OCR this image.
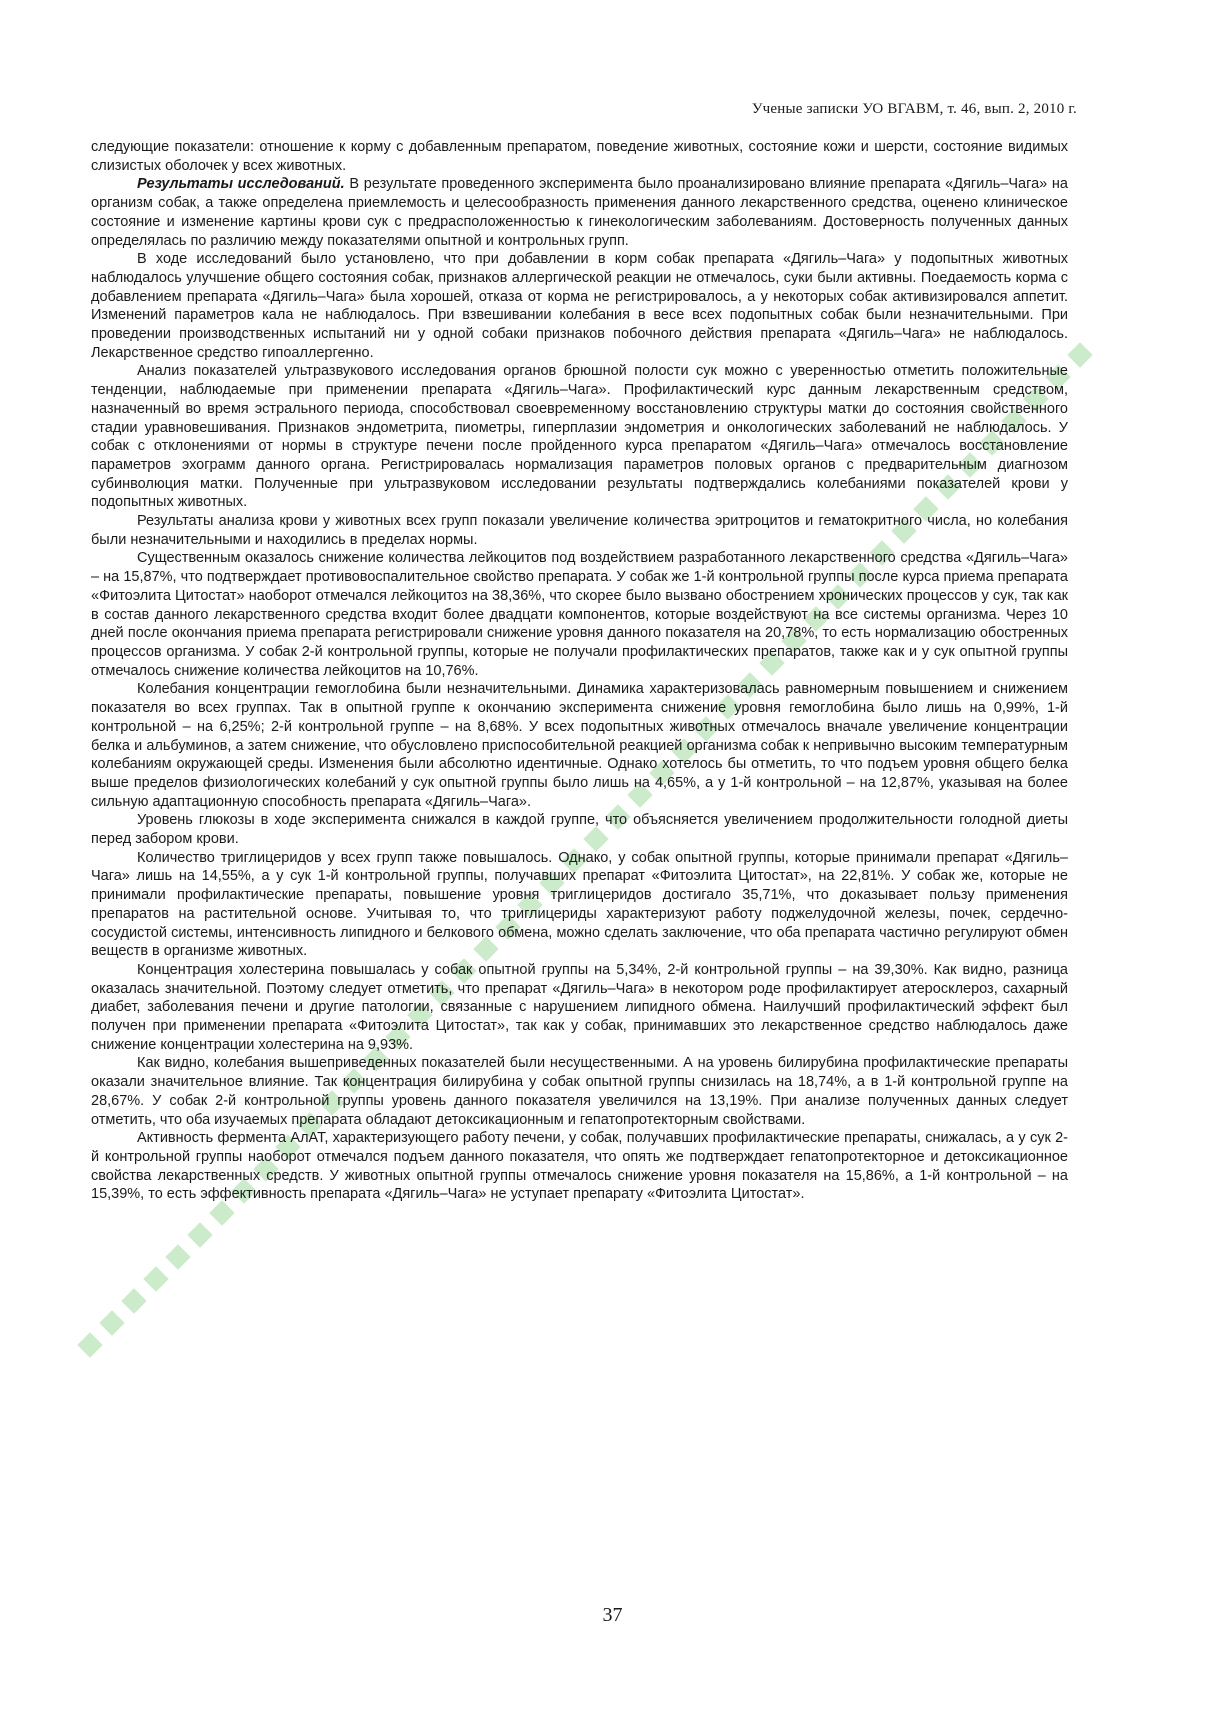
Ученые записки УО ВГАВМ, т. 46, вып. 2, 2010 г.

следующие показатели: отношение к корму с добавленным препаратом, поведение животных, состояние кожи и шерсти, состояние видимых слизистых оболочек у всех животных.

Результаты исследований. В результате проведенного эксперимента было проанализировано влияние препарата «Дягиль–Чага» на организм собак, а также определена приемлемость и целесообразность применения данного лекарственного средства, оценено клиническое состояние и изменение картины крови сук с предрасположенностью к гинекологическим заболеваниям. Достоверность полученных данных определялась по различию между показателями опытной и контрольных групп.

В ходе исследований было установлено, что при добавлении в корм собак препарата «Дягиль–Чага» у подопытных животных наблюдалось улучшение общего состояния собак, признаков аллергической реакции не отмечалось, суки были активны. Поедаемость корма с добавлением препарата «Дягиль–Чага» была хорошей, отказа от корма не регистрировалось, а у некоторых собак активизировался аппетит. Изменений параметров кала не наблюдалось. При взвешивании колебания в весе всех подопытных собак были незначительными. При проведении производственных испытаний ни у одной собаки признаков побочного действия препарата «Дягиль–Чага» не наблюдалось. Лекарственное средство гипоаллергенно.

Анализ показателей ультразвукового исследования органов брюшной полости сук можно с уверенностью отметить положительные тенденции, наблюдаемые при применении препарата «Дягиль–Чага». Профилактический курс данным лекарственным средством, назначенный во время эстрального периода, способствовал своевременному восстановлению структуры матки до состояния свойственного стадии уравновешивания. Признаков эндометрита, пиометры, гиперплазии эндометрия и онкологических заболеваний не наблюдалось. У собак с отклонениями от нормы в структуре печени после пройденного курса препаратом «Дягиль–Чага» отмечалось восстановление параметров эхограмм данного органа. Регистрировалась нормализация параметров половых органов с предварительным диагнозом субинволюция матки. Полученные при ультразвуковом исследовании результаты подтверждались колебаниями показателей крови у подопытных животных.

Результаты анализа крови у животных всех групп показали увеличение количества эритроцитов и гематокритного числа, но колебания были незначительными и находились в пределах нормы.

Существенным оказалось снижение количества лейкоцитов под воздействием разработанного лекарственного средства «Дягиль–Чага» – на 15,87%, что подтверждает противовоспалительное свойство препарата. У собак же 1-й контрольной группы после курса приема препарата «Фитоэлита Цитостат» наоборот отмечался лейкоцитоз на 38,36%, что скорее было вызвано обострением хронических процессов у сук, так как в состав данного лекарственного средства входит более двадцати компонентов, которые воздействуют на все системы организма. Через 10 дней после окончания приема препарата регистрировали снижение уровня данного показателя на 20,78%, то есть нормализацию обостренных процессов организма. У собак 2-й контрольной группы, которые не получали профилактических препаратов, также как и у сук опытной группы отмечалось снижение количества лейкоцитов на 10,76%.

Колебания концентрации гемоглобина были незначительными. Динамика характеризовалась равномерным повышением и снижением показателя во всех группах. Так в опытной группе к окончанию эксперимента снижение уровня гемоглобина было лишь на 0,99%, 1-й контрольной – на 6,25%; 2-й контрольной группе – на 8,68%. У всех подопытных животных отмечалось вначале увеличение концентрации белка и альбуминов, а затем снижение, что обусловлено приспособительной реакцией организма собак к непривычно высоким температурным колебаниям окружающей среды. Изменения были абсолютно идентичные. Однако хотелось бы отметить, то что подъем уровня общего белка выше пределов физиологических колебаний у сук опытной группы было лишь на 4,65%, а у 1-й контрольной – на 12,87%, указывая на более сильную адаптационную способность препарата «Дягиль–Чага».

Уровень глюкозы в ходе эксперимента снижался в каждой группе, что объясняется увеличением продолжительности голодной диеты перед забором крови.

Количество триглицеридов у всех групп также повышалось. Однако, у собак опытной группы, которые принимали препарат «Дягиль–Чага» лишь на 14,55%, а у сук 1-й контрольной группы, получавших препарат «Фитоэлита Цитостат», на 22,81%. У собак же, которые не принимали профилактические препараты, повышение уровня триглицеридов достигало 35,71%, что доказывает пользу применения препаратов на растительной основе. Учитывая то, что триглицериды характеризуют работу поджелудочной железы, почек, сердечно-сосудистой системы, интенсивность липидного и белкового обмена, можно сделать заключение, что оба препарата частично регулируют обмен веществ в организме животных.

Концентрация холестерина повышалась у собак опытной группы на 5,34%, 2-й контрольной группы – на 39,30%. Как видно, разница оказалась значительной. Поэтому следует отметить, что препарат «Дягиль–Чага» в некотором роде профилактирует атеросклероз, сахарный диабет, заболевания печени и другие патологии, связанные с нарушением липидного обмена. Наилучший профилактический эффект был получен при применении препарата «Фитоэлита Цитостат», так как у собак, принимавших это лекарственное средство наблюдалось даже снижение концентрации холестерина на 9,93%.

Как видно, колебания вышеприведенных показателей были несущественными. А на уровень билирубина профилактические препараты оказали значительное влияние. Так концентрация билирубина у собак опытной группы снизилась на 18,74%, а в 1-й контрольной группе на 28,67%. У собак 2-й контрольной группы уровень данного показателя увеличился на 13,19%. При анализе полученных данных следует отметить, что оба изучаемых препарата обладают детоксикационным и гепатопротекторным свойствами.

Активность фермента АлАТ, характеризующего работу печени, у собак, получавших профилактические препараты, снижалась, а у сук 2-й контрольной группы наоборот отмечался подъем данного показателя, что опять же подтверждает гепатопротекторное и детоксикационное свойства лекарственных средств. У животных опытной группы отмечалось снижение уровня показателя на 15,86%, а 1-й контрольной – на 15,39%, то есть эффективность препарата «Дягиль–Чага» не уступает препарату «Фитоэлита Цитостат».

37
